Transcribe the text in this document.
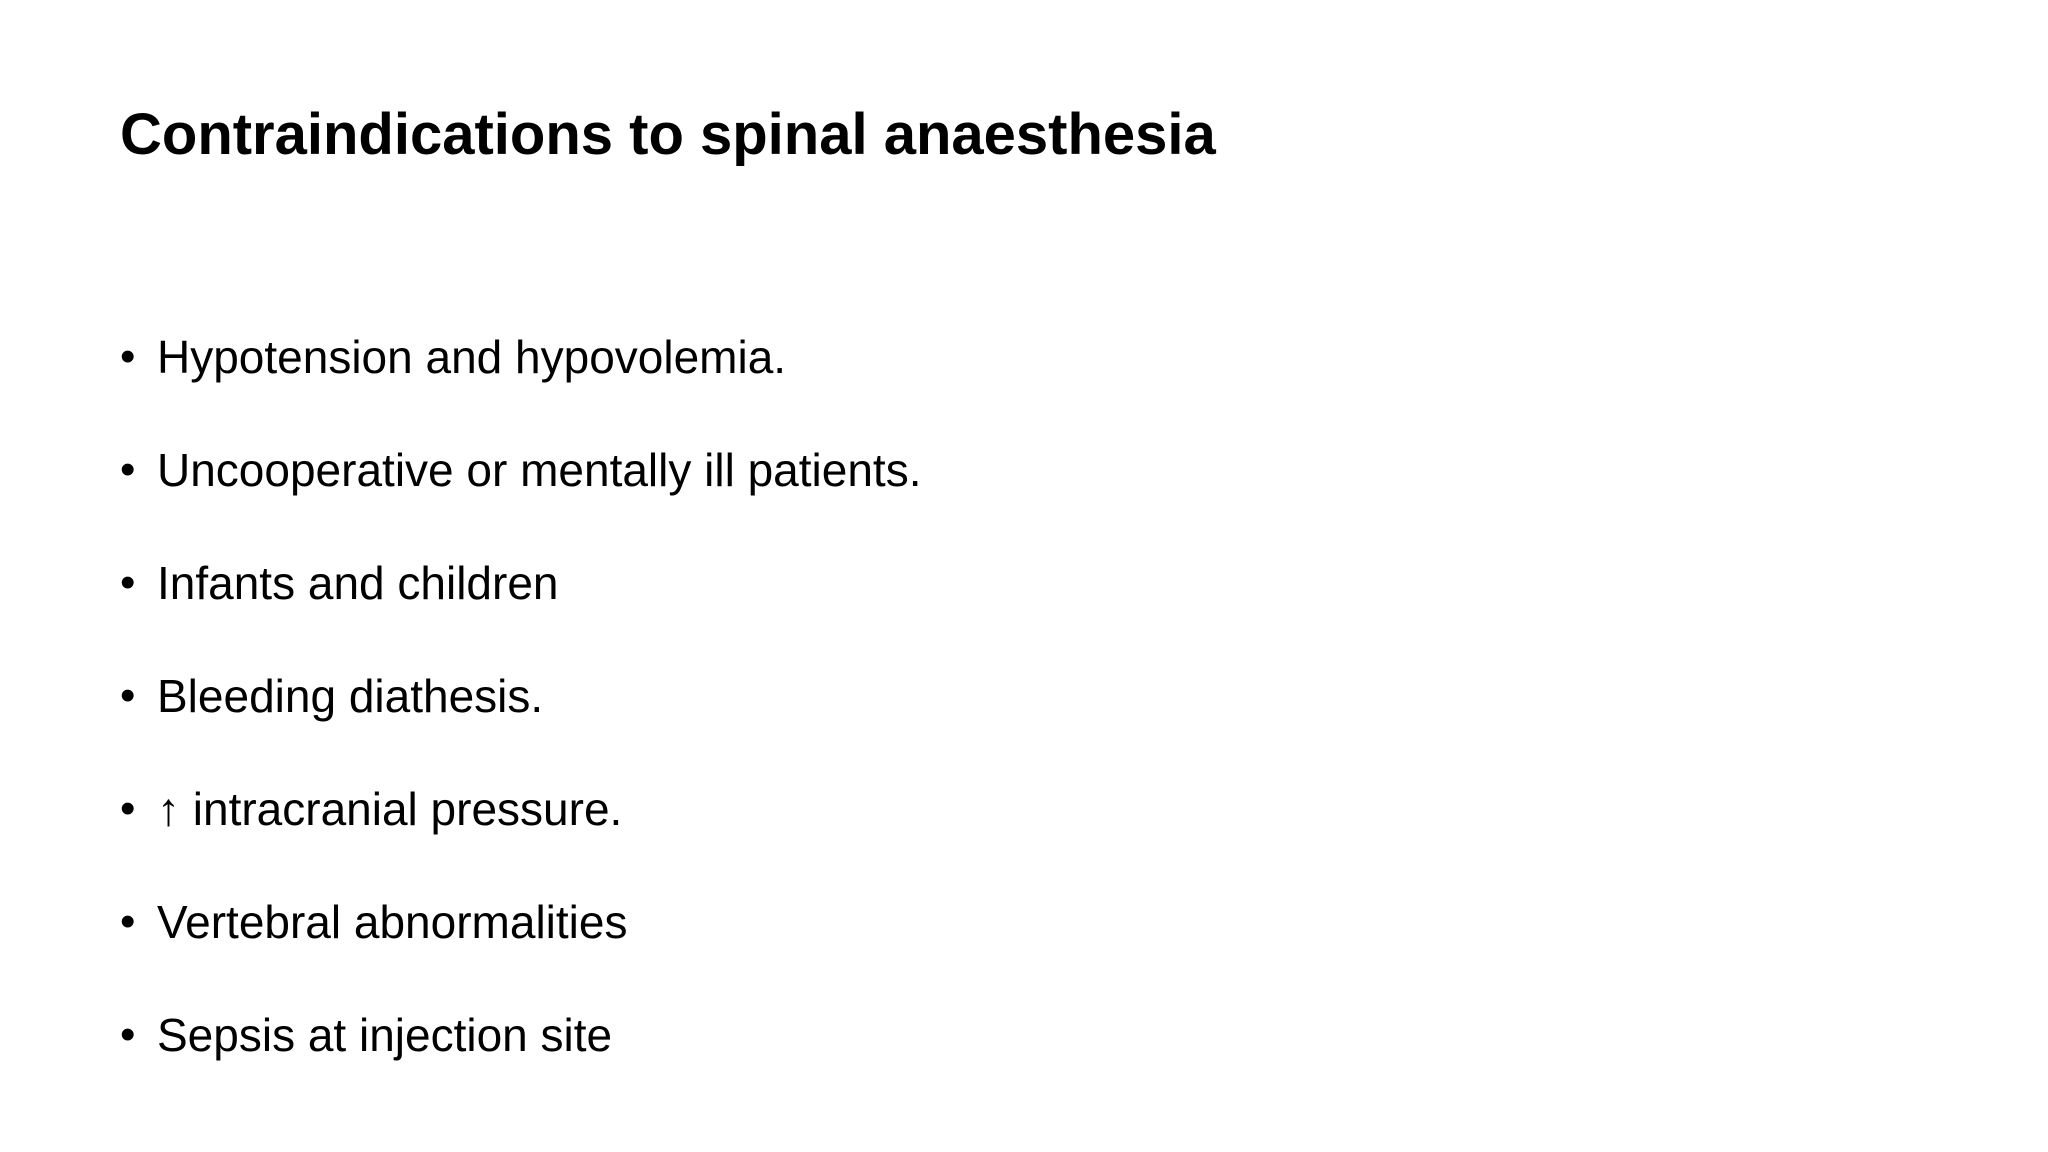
Contraindications to spinal anaesthesia
• Hypotension and hypovolemia.
• Uncooperative or mentally ill patients.
• Infants and children
• Bleeding diathesis.
• ↑ intracranial pressure.
• Vertebral abnormalities
• Sepsis at injection site
